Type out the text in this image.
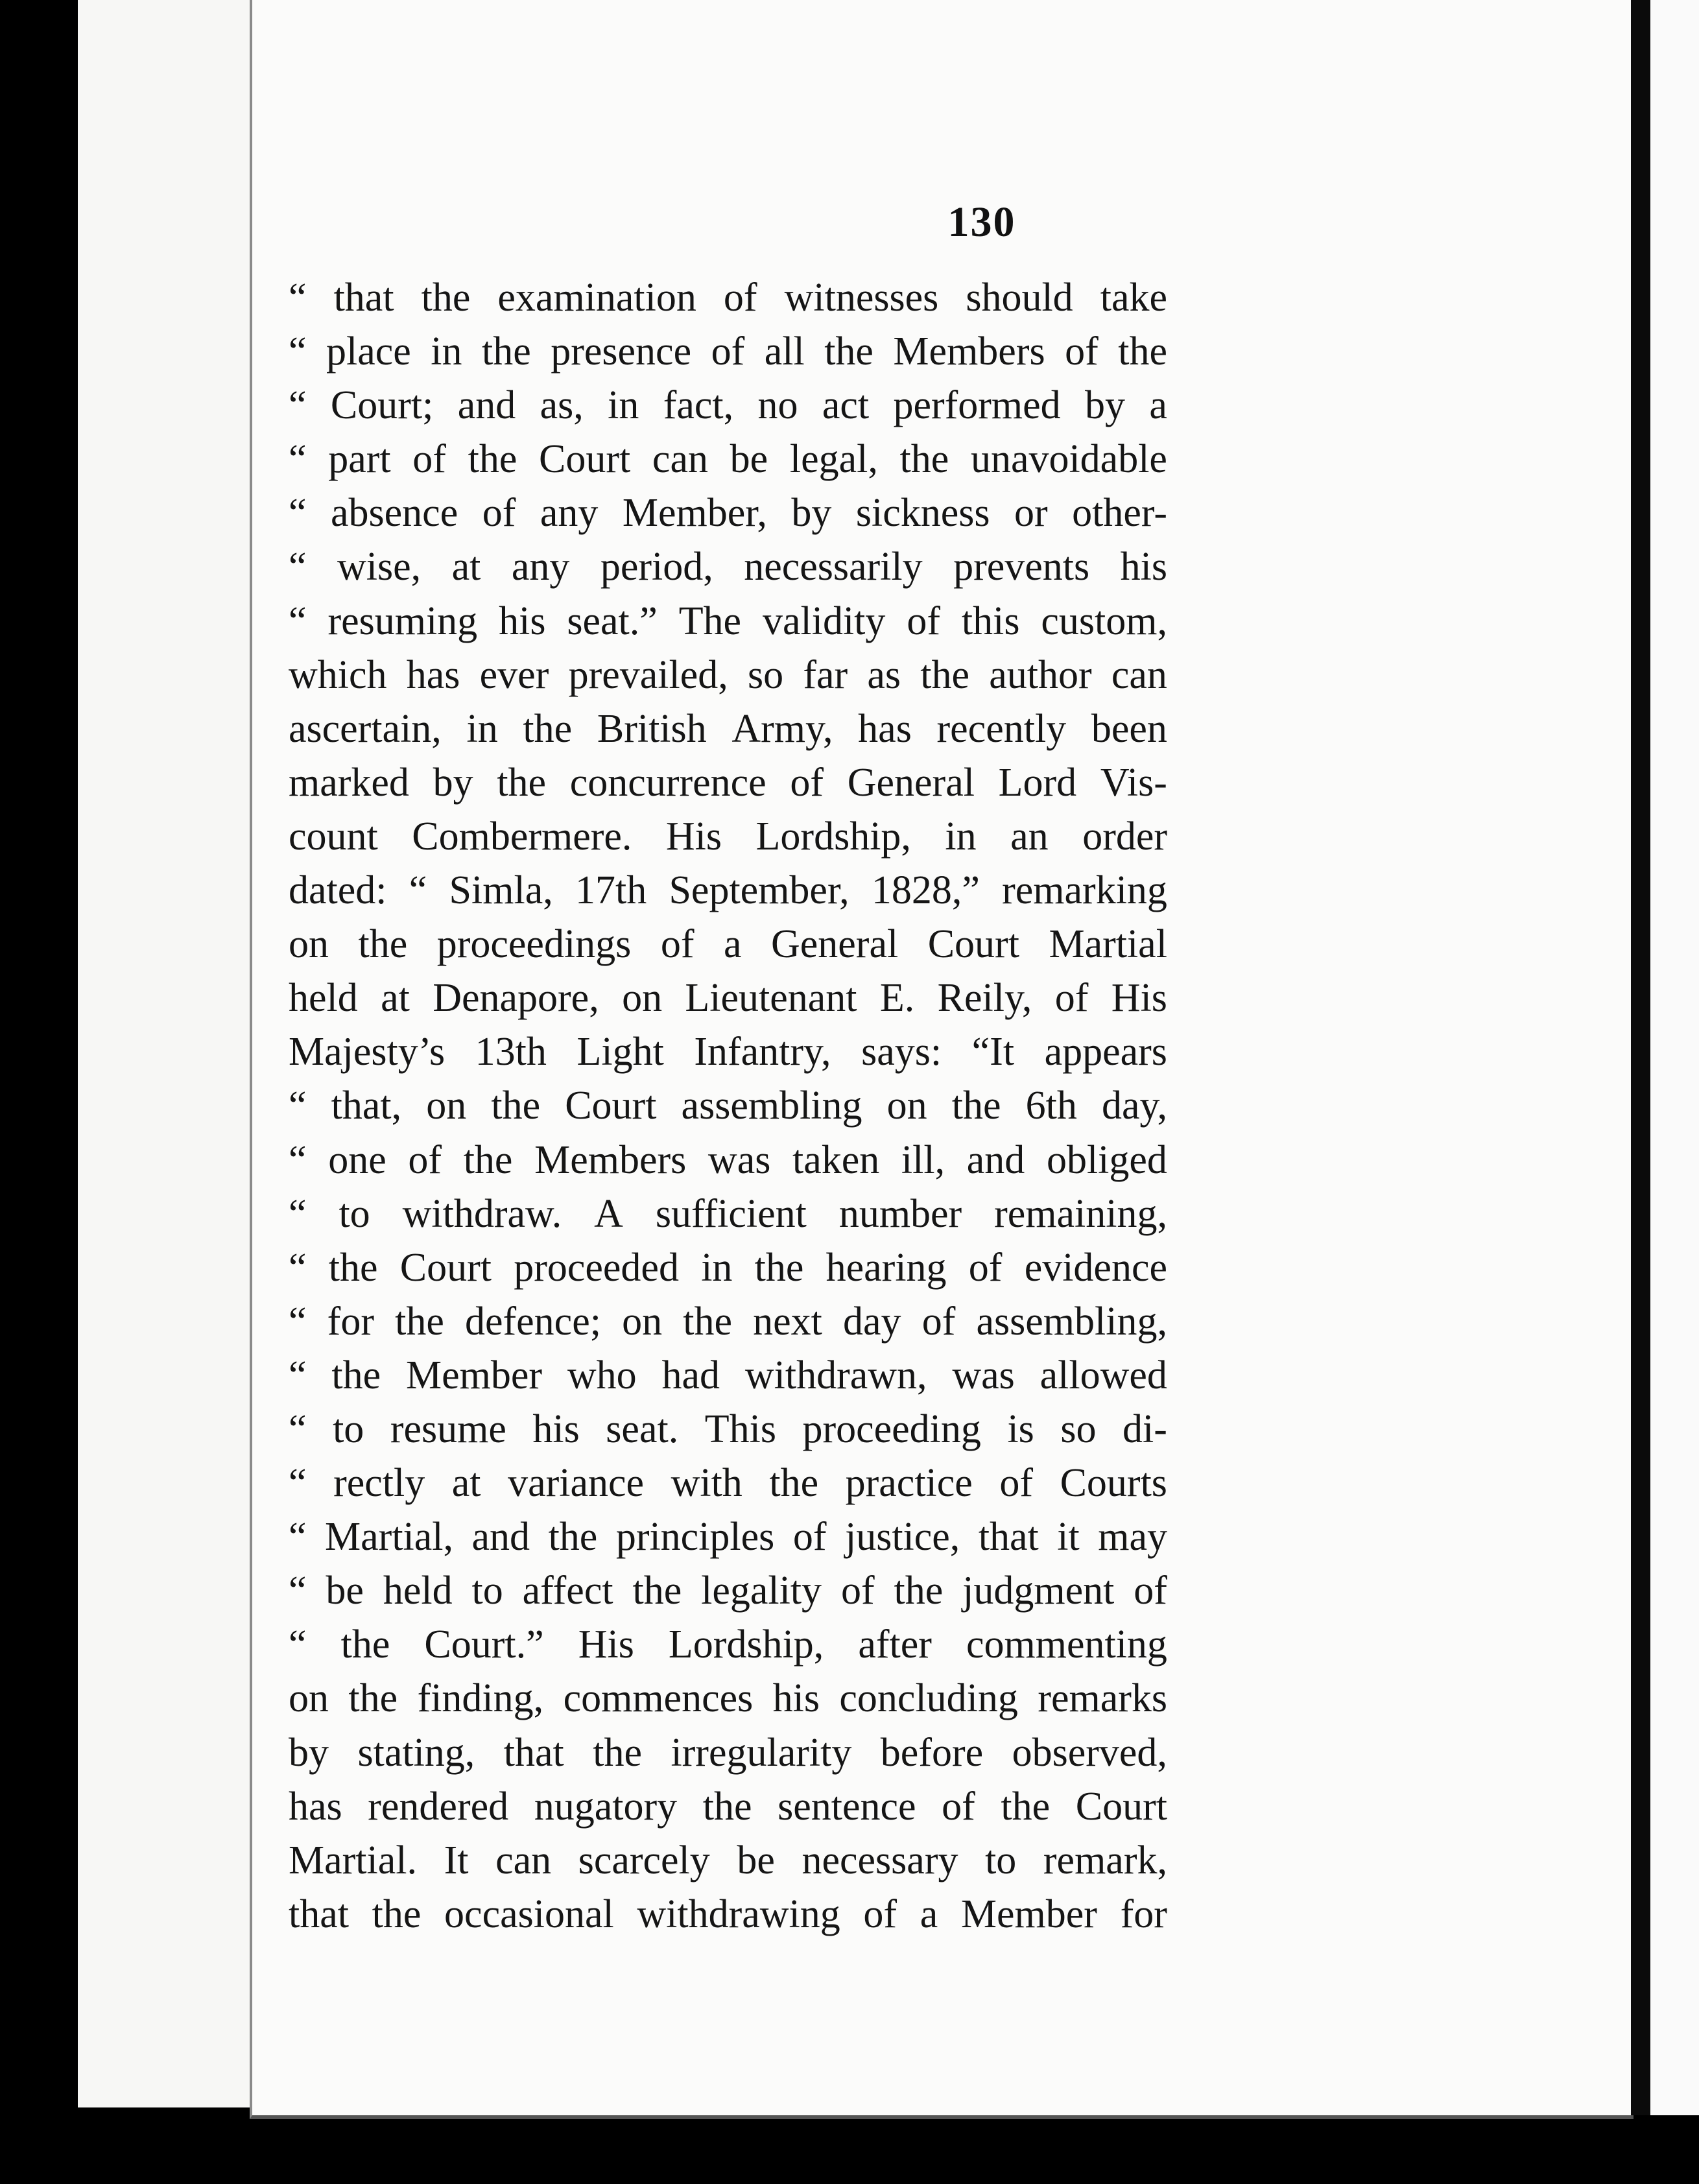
130
“ that the examination of witnesses should take
“ place in the presence of all the Members of the
“ Court; and as, in fact, no act performed by a
“ part of the Court can be legal, the unavoidable
“ absence of any Member, by sickness or other-
“ wise, at any period, necessarily prevents his
“ resuming his seat.” The validity of this custom,
which has ever prevailed, so far as the author can
ascertain, in the British Army, has recently been
marked by the concurrence of General Lord Vis-
count Combermere. His Lordship, in an order
dated: “ Simla, 17th September, 1828,” remarking
on the proceedings of a General Court Martial
held at Denapore, on Lieutenant E. Reily, of His
Majesty’s 13th Light Infantry, says: “It appears
“ that, on the Court assembling on the 6th day,
“ one of the Members was taken ill, and obliged
“ to withdraw. A sufficient number remaining,
“ the Court proceeded in the hearing of evidence
“ for the defence; on the next day of assembling,
“ the Member who had withdrawn, was allowed
“ to resume his seat. This proceeding is so di-
“ rectly at variance with the practice of Courts
“ Martial, and the principles of justice, that it may
“ be held to affect the legality of the judgment of
“ the Court.” His Lordship, after commenting
on the finding, commences his concluding remarks
by stating, that the irregularity before observed,
has rendered nugatory the sentence of the Court
Martial. It can scarcely be necessary to remark,
that the occasional withdrawing of a Member for
